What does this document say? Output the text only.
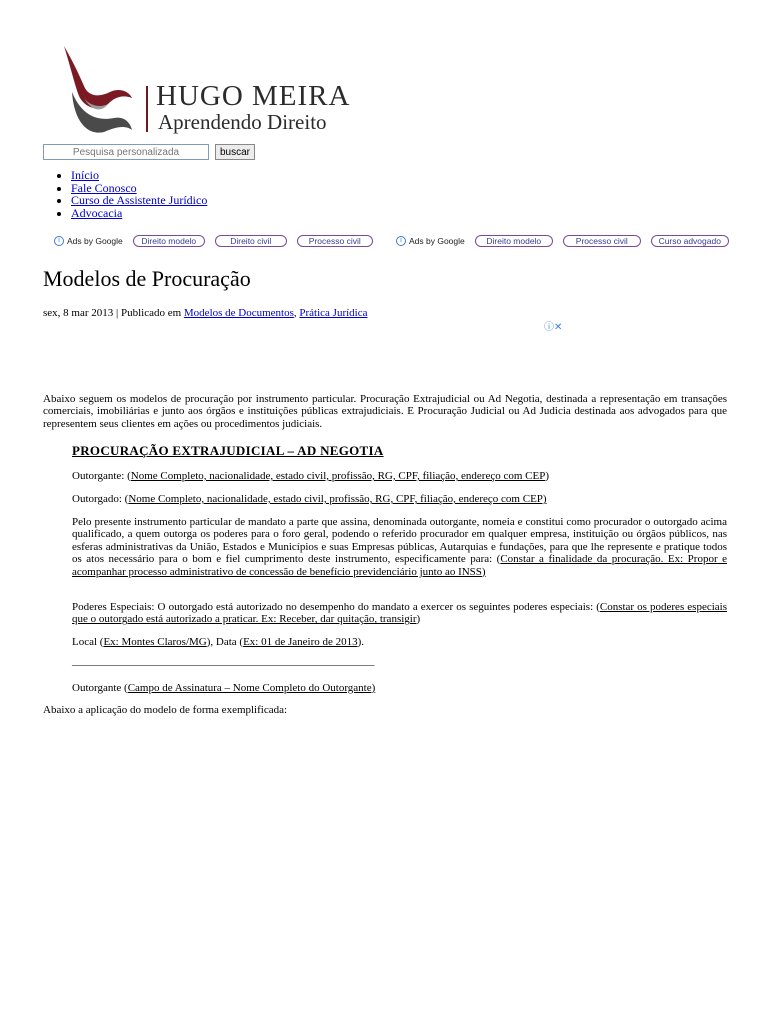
HUGO MEIRA
Aprendendo Direito
Pesquisa personalizada buscar
• Início
• Fale Conosco
• Curso de Assistente Jurídico
• Advocacia
i Ads by Google	Direito modelo	Direito civil	Processo civil	i Ads by Google	Direito modelo	Processo civil	Curso advogado
Modelos de Procuração
sex, 8 mar 2013 | Publicado em Modelos de Documentos, Prática Jurídica
ⓘ✕
Abaixo seguem os modelos de procuração por instrumento particular. Procuração Extrajudicial ou Ad Negotia, destinada a representação em transações comerciais, imobiliárias e junto aos órgãos e instituições públicas extrajudiciais. E Procuração Judicial ou Ad Judicia destinada aos advogados para que representem seus clientes em ações ou procedimentos judiciais.
PROCURAÇÃO EXTRAJUDICIAL – AD NEGOTIA
Outorgante: (Nome Completo, nacionalidade, estado civil, profissão, RG, CPF, filiação, endereço com CEP)
Outorgado: (Nome Completo, nacionalidade, estado civil, profissão, RG, CPF, filiação, endereço com CEP)
Pelo presente instrumento particular de mandato a parte que assina, denominada outorgante, nomeia e constitui como procurador o outorgado acima qualificado, a quem outorga os poderes para o foro geral, podendo o referido procurador em qualquer empresa, instituição ou órgãos públicos, nas esferas administrativas da União, Estados e Municípios e suas Empresas públicas, Autarquias e fundações, para que lhe represente e pratique todos os atos necessário para o bom e fiel cumprimento deste instrumento, especificamente para: (Constar a finalidade da procuração. Ex: Propor e acompanhar processo administrativo de concessão de benefício previdenciário junto ao INSS)
Poderes Especiais: O outorgado está autorizado no desempenho do mandato a exercer os seguintes poderes especiais: (Constar os poderes especiais que o outorgado está autorizado a praticar. Ex: Receber, dar quitação, transigir)
Local (Ex: Montes Claros/MG), Data (Ex: 01 de Janeiro de 2013).
_______________________________________________________
Outorgante (Campo de Assinatura – Nome Completo do Outorgante)
Abaixo a aplicação do modelo de forma exemplificada:
